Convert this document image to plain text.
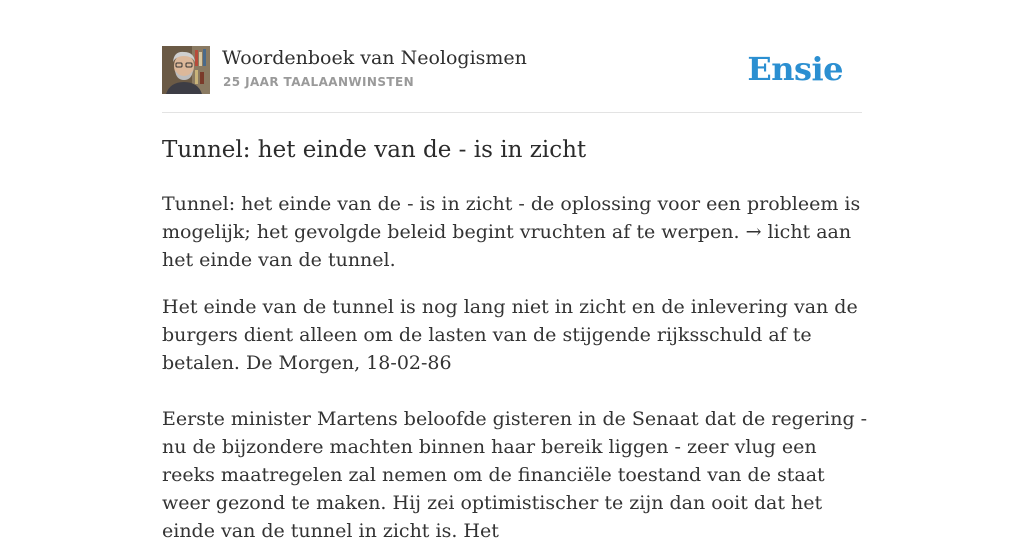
Woordenboek van Neologismen
25 JAAR TAALAANWINSTEN	Ensie
Tunnel: het einde van de - is in zicht

Tunnel: het einde van de - is in zicht - de oplossing voor een probleem is mogelijk; het gevolgde beleid begint vruchten af te werpen. → licht aan het einde van de tunnel.

Het einde van de tunnel is nog lang niet in zicht en de inlevering van de burgers dient alleen om de lasten van de stijgende rijksschuld af te betalen. De Morgen, 18-02-86

Eerste minister Martens beloofde gisteren in de Senaat dat de regering - nu de bijzondere machten binnen haar bereik liggen - zeer vlug een reeks maatregelen zal nemen om de financiële toestand van de staat weer gezond te maken. Hij zei optimistischer te zijn dan ooit dat het einde van de tunnel in zicht is. Het
